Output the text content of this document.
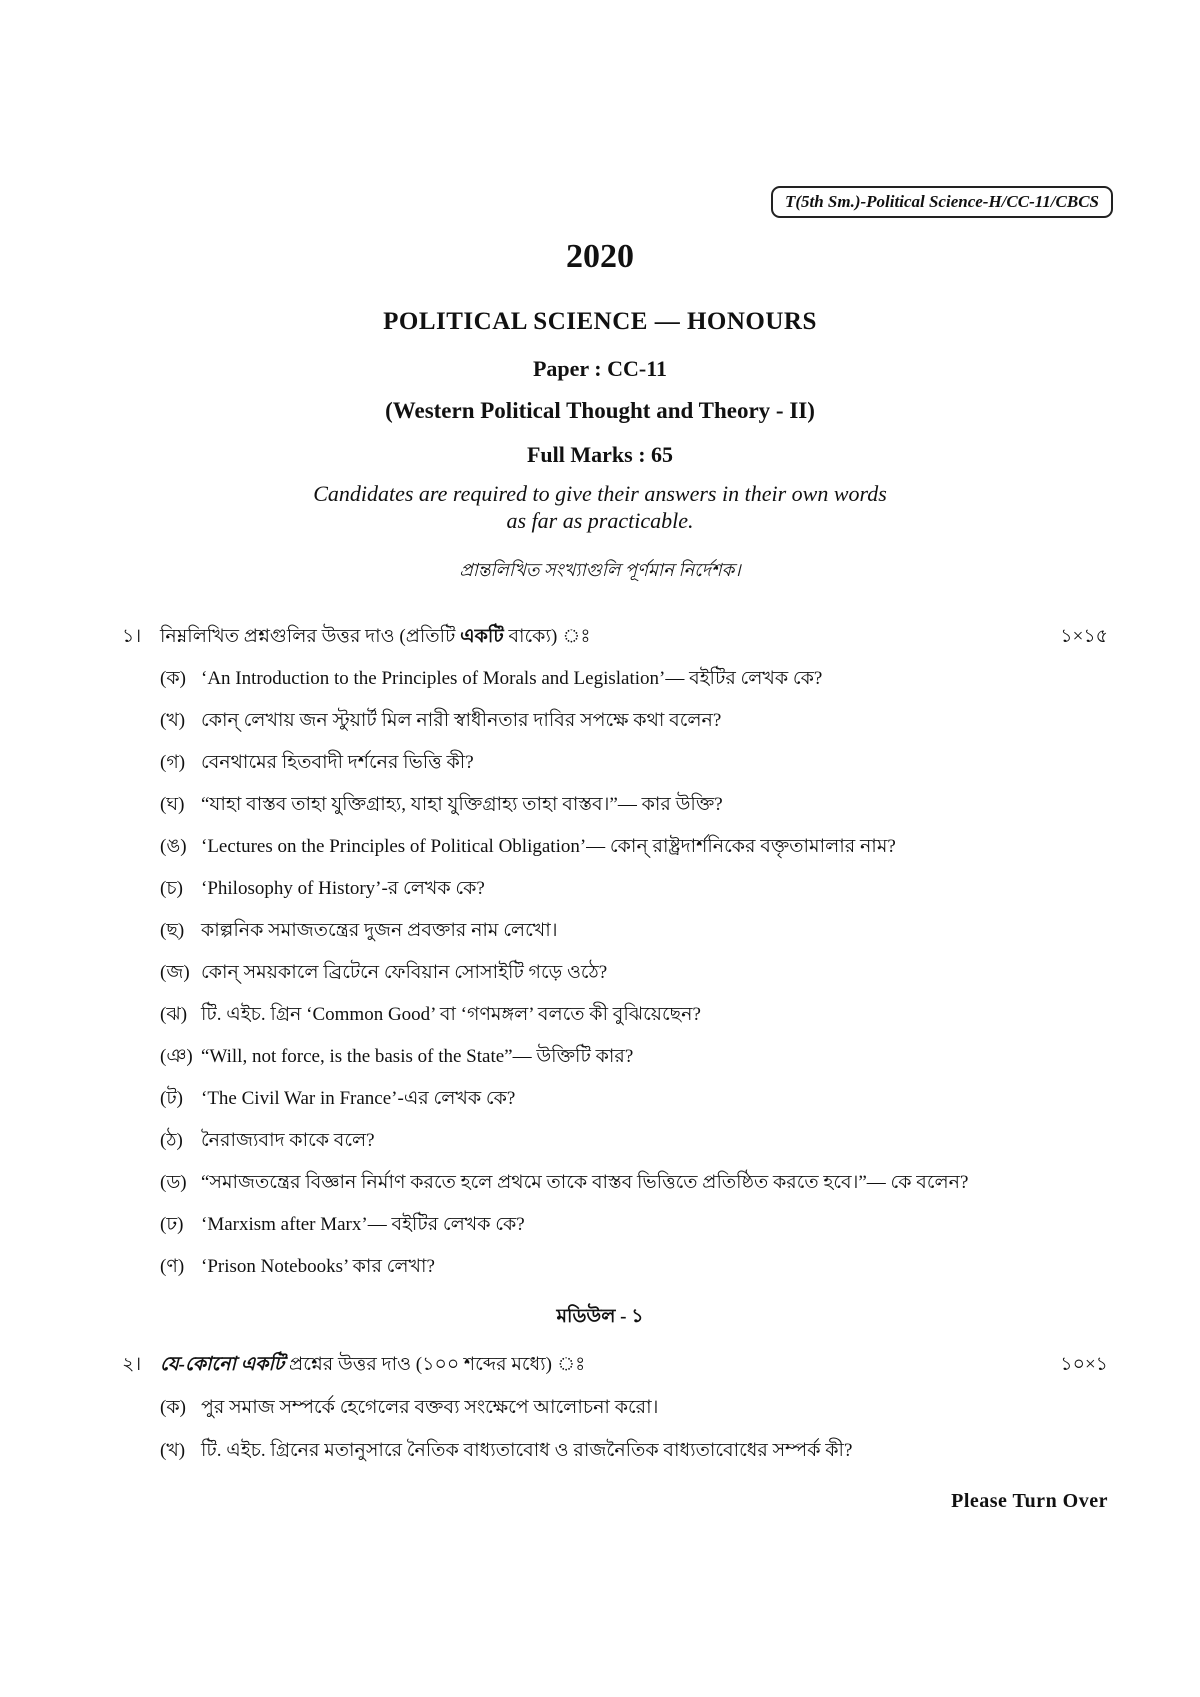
T(5th Sm.)-Political Science-H/CC-11/CBCS
2020
POLITICAL SCIENCE — HONOURS
Paper : CC-11
(Western Political Thought and Theory - II)
Full Marks : 65
Candidates are required to give their answers in their own words
as far as practicable.
প্রান্তলিখিত সংখ্যাগুলি পূর্ণমান নির্দেশক।
১। নিম্নলিখিত প্রশ্নগুলির উত্তর দাও (প্রতিটি একটি বাক্যে) ঃ	১×১৫
(ক) ‘An Introduction to the Principles of Morals and Legislation’— বইটির লেখক কে?
(খ) কোন্ লেখায় জন স্টুয়ার্ট মিল নারী স্বাধীনতার দাবির সপক্ষে কথা বলেন?
(গ) বেনথামের হিতবাদী দর্শনের ভিত্তি কী?
(ঘ) “যাহা বাস্তব তাহা যুক্তিগ্রাহ্য, যাহা যুক্তিগ্রাহ্য তাহা বাস্তব।”— কার উক্তি?
(ঙ) ‘Lectures on the Principles of Political Obligation’— কোন্ রাষ্ট্রদার্শনিকের বক্তৃতামালার নাম?
(চ) ‘Philosophy of History’-র লেখক কে?
(ছ) কাল্পনিক সমাজতন্ত্রের দুজন প্রবক্তার নাম লেখো।
(জ) কোন্ সময়কালে ব্রিটেনে ফেবিয়ান সোসাইটি গড়ে ওঠে?
(ঝ) টি. এইচ. গ্রিন ‘Common Good’ বা ‘গণমঙ্গল’ বলতে কী বুঝিয়েছেন?
(ঞ) “Will, not force, is the basis of the State”— উক্তিটি কার?
(ট) ‘The Civil War in France’-এর লেখক কে?
(ঠ) নৈরাজ্যবাদ কাকে বলে?
(ড) “সমাজতন্ত্রের বিজ্ঞান নির্মাণ করতে হলে প্রথমে তাকে বাস্তব ভিত্তিতে প্রতিষ্ঠিত করতে হবে।”— কে বলেন?
(ঢ) ‘Marxism after Marx’— বইটির লেখক কে?
(ণ) ‘Prison Notebooks’ কার লেখা?
মডিউল - ১
২। যে-কোনো একটি প্রশ্নের উত্তর দাও (১০০ শব্দের মধ্যে) ঃ	১০×১
(ক) পুর সমাজ সম্পর্কে হেগেলের বক্তব্য সংক্ষেপে আলোচনা করো।
(খ) টি. এইচ. গ্রিনের মতানুসারে নৈতিক বাধ্যতাবোধ ও রাজনৈতিক বাধ্যতাবোধের সম্পর্ক কী?
Please Turn Over
